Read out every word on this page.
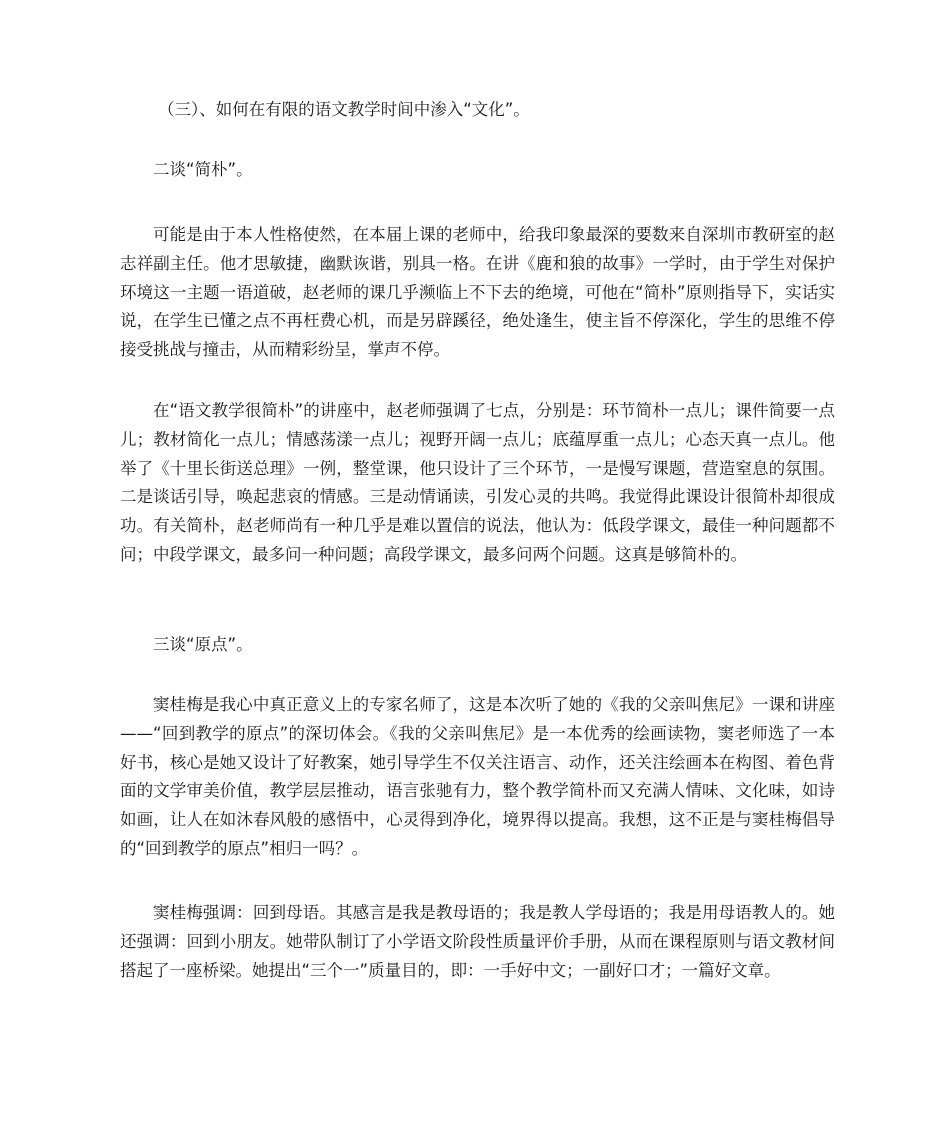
（三）、如何在有限的语文教学时间中渗入“文化”。

二谈“简朴”。

可能是由于本人性格使然，在本届上课的老师中，给我印象最深的要数来自深圳市教研室的赵志祥副主任。他才思敏捷，幽默诙谐，别具一格。在讲《鹿和狼的故事》一学时，由于学生对保护环境这一主题一语道破，赵老师的课几乎濒临上不下去的绝境，可他在“简朴”原则指导下，实话实说，在学生已懂之点不再枉费心机，而是另辟蹊径，绝处逢生，使主旨不停深化，学生的思维不停接受挑战与撞击，从而精彩纷呈，掌声不停。

在“语文教学很简朴”的讲座中，赵老师强调了七点，分别是：环节简朴一点儿；课件简要一点儿；教材简化一点儿；情感荡漾一点儿；视野开阔一点儿；底蕴厚重一点儿；心态天真一点儿。他举了《十里长街送总理》一例，整堂课，他只设计了三个环节，一是慢写课题，营造窒息的氛围。二是谈话引导，唤起悲哀的情感。三是动情诵读，引发心灵的共鸣。我觉得此课设计很简朴却很成功。有关简朴，赵老师尚有一种几乎是难以置信的说法，他认为：低段学课文，最佳一种问题都不问；中段学课文，最多问一种问题；高段学课文，最多问两个问题。这真是够简朴的。

三谈“原点”。

窦桂梅是我心中真正意义上的专家名师了，这是本次听了她的《我的父亲叫焦尼》一课和讲座——“回到教学的原点”的深切体会。《我的父亲叫焦尼》是一本优秀的绘画读物，窦老师选了一本好书，核心是她又设计了好教案，她引导学生不仅关注语言、动作，还关注绘画本在构图、着色背面的文学审美价值，教学层层推动，语言张驰有力，整个教学简朴而又充满人情味、文化味，如诗如画，让人在如沐春风般的感悟中，心灵得到净化，境界得以提高。我想，这不正是与窦桂梅倡导的“回到教学的原点”相归一吗？。

窦桂梅强调：回到母语。其感言是我是教母语的；我是教人学母语的；我是用母语教人的。她还强调：回到小朋友。她带队制订了小学语文阶段性质量评价手册，从而在课程原则与语文教材间搭起了一座桥梁。她提出“三个一”质量目的，即：一手好中文；一副好口才；一篇好文章。
